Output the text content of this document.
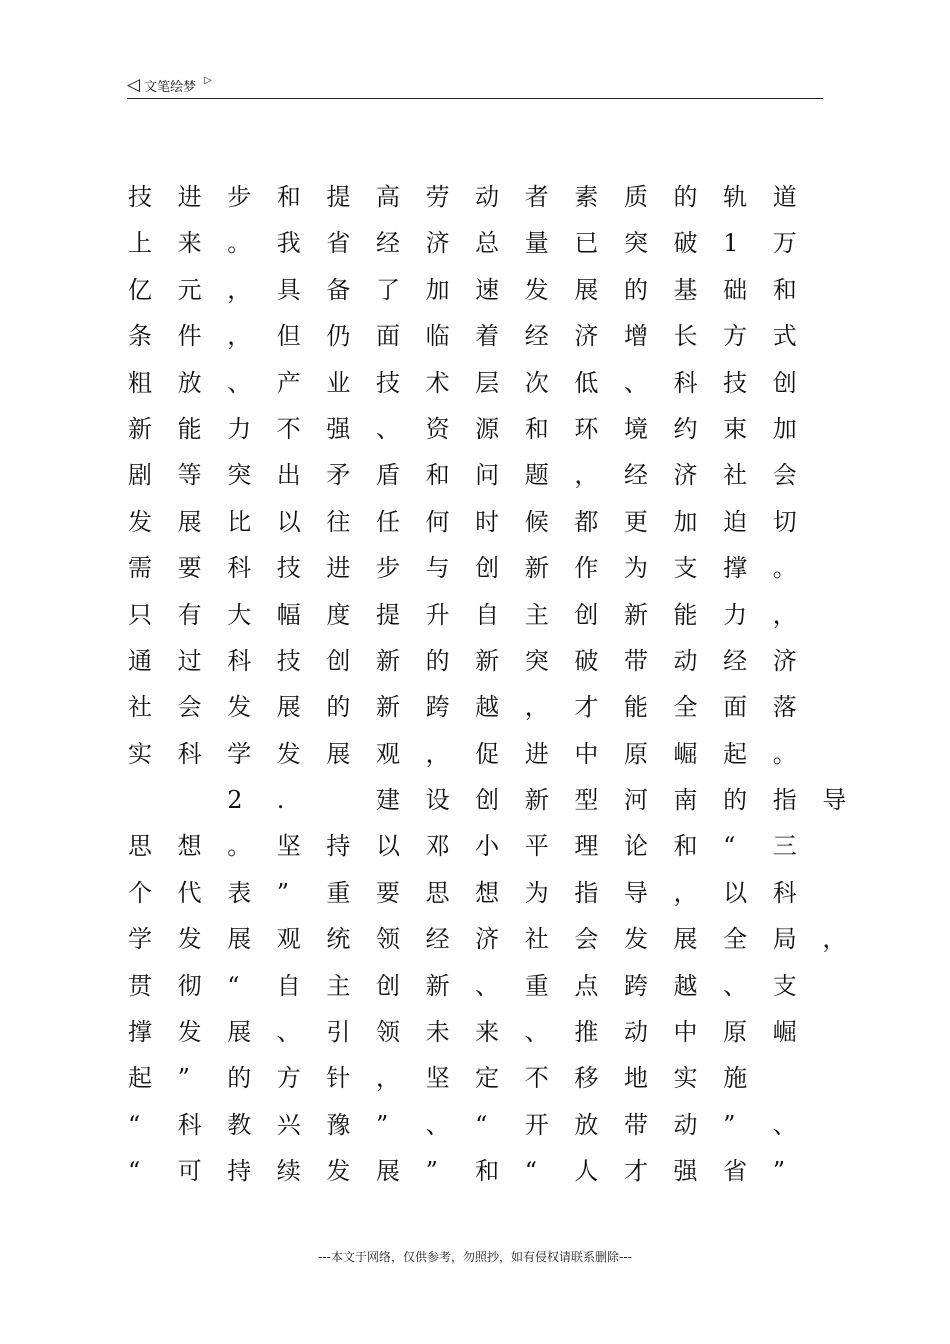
◁ 文笔绘梦 ▷
技 进 步 和 提 高 劳 动 者 素 质 的 轨 道
上 来 。 我 省 经 济 总 量 已 突 破 1 万
亿 元 ， 具 备 了 加 速 发 展 的 基 础 和
条 件 ， 但 仍 面 临 着 经 济 增 长 方 式
粗 放 、 产 业 技 术 层 次 低 、 科 技 创
新 能 力 不 强 、 资 源 和 环 境 约 束 加
剧 等 突 出 矛 盾 和 问 题 ， 经 济 社 会
发 展 比 以 往 任 何 时 候 都 更 加 迫 切
需 要 科 技 进 步 与 创 新 作 为 支 撑 。
只 有 大 幅 度 提 升 自 主 创 新 能 力 ，
通 过 科 技 创 新 的 新 突 破 带 动 经 济
社 会 发 展 的 新 跨 越 ， 才 能 全 面 落
实 科 学 发 展 观 ， 促 进 中 原 崛 起 。
2 .	建 设 创 新 型 河 南 的 指 导
思 想 。 坚 持 以 邓 小 平 理 论 和 “ 三
个 代 表 ” 重 要 思 想 为 指 导 ， 以 科
学 发 展 观 统 领 经 济 社 会 发 展 全 局 ，
贯 彻 “ 自 主 创 新 、 重 点 跨 越 、 支
撑 发 展 、 引 领 未 来 、 推 动 中 原 崛
起 ” 的 方 针 ， 坚 定 不 移 地 实 施
“ 科 教 兴 豫 ” 、 “ 开 放 带 动 ” 、
“ 可 持 续 发 展 ” 和 “ 人 才 强 省 ”
---本文于网络，仅供参考，勿照抄，如有侵权请联系删除---
